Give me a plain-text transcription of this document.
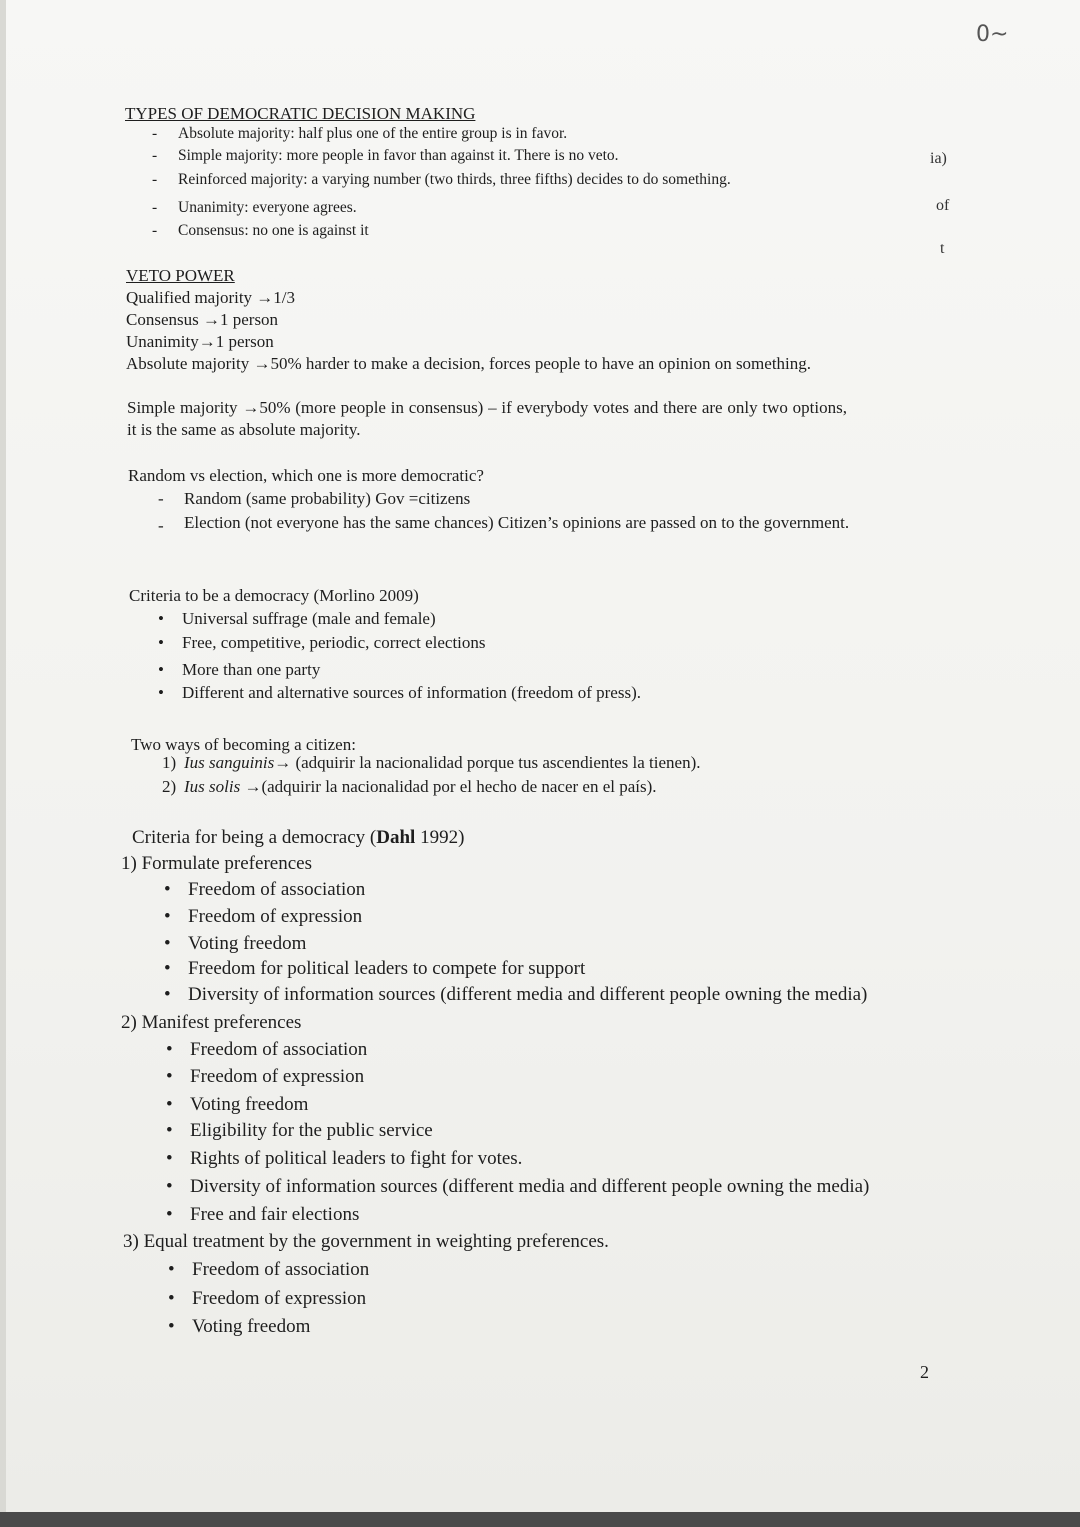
0~
ia)
of
t
TYPES OF DEMOCRATIC DECISION MAKING
- Absolute majority: half plus one of the entire group is in favor.
- Simple majority: more people in favor than against it. There is no veto.
- Reinforced majority: a varying number (two thirds, three fifths) decides to do something.
- Unanimity: everyone agrees.
- Consensus: no one is against it
VETO POWER
Qualified majority →1/3
Consensus →1 person
Unanimity→1 person
Absolute majority →50% harder to make a decision, forces people to have an opinion on something.
Simple majority →50% (more people in consensus) – if everybody votes and there are only two options, it is the same as absolute majority.
Random vs election, which one is more democratic?
- Random (same probability) Gov =citizens
-	Election (not everyone has the same chances) Citizen’s opinions are passed on to the government.
Criteria to be a democracy (Morlino 2009)
• Universal suffrage (male and female)
• Free, competitive, periodic, correct elections
• More than one party
• Different and alternative sources of information (freedom of press).
Two ways of becoming a citizen:
1) Ius sanguinis→ (adquirir la nacionalidad porque tus ascendientes la tienen).
2) Ius solis →(adquirir la nacionalidad por el hecho de nacer en el país).
Criteria for being a democracy (Dahl 1992)
1) Formulate preferences
• Freedom of association
• Freedom of expression
• Voting freedom
• Freedom for political leaders to compete for support
• Diversity of information sources (different media and different people owning the media)
2) Manifest preferences
• Freedom of association
• Freedom of expression
• Voting freedom
• Eligibility for the public service
• Rights of political leaders to fight for votes.
• Diversity of information sources (different media and different people owning the media)
• Free and fair elections
3) Equal treatment by the government in weighting preferences.
• Freedom of association
• Freedom of expression
• Voting freedom
2
